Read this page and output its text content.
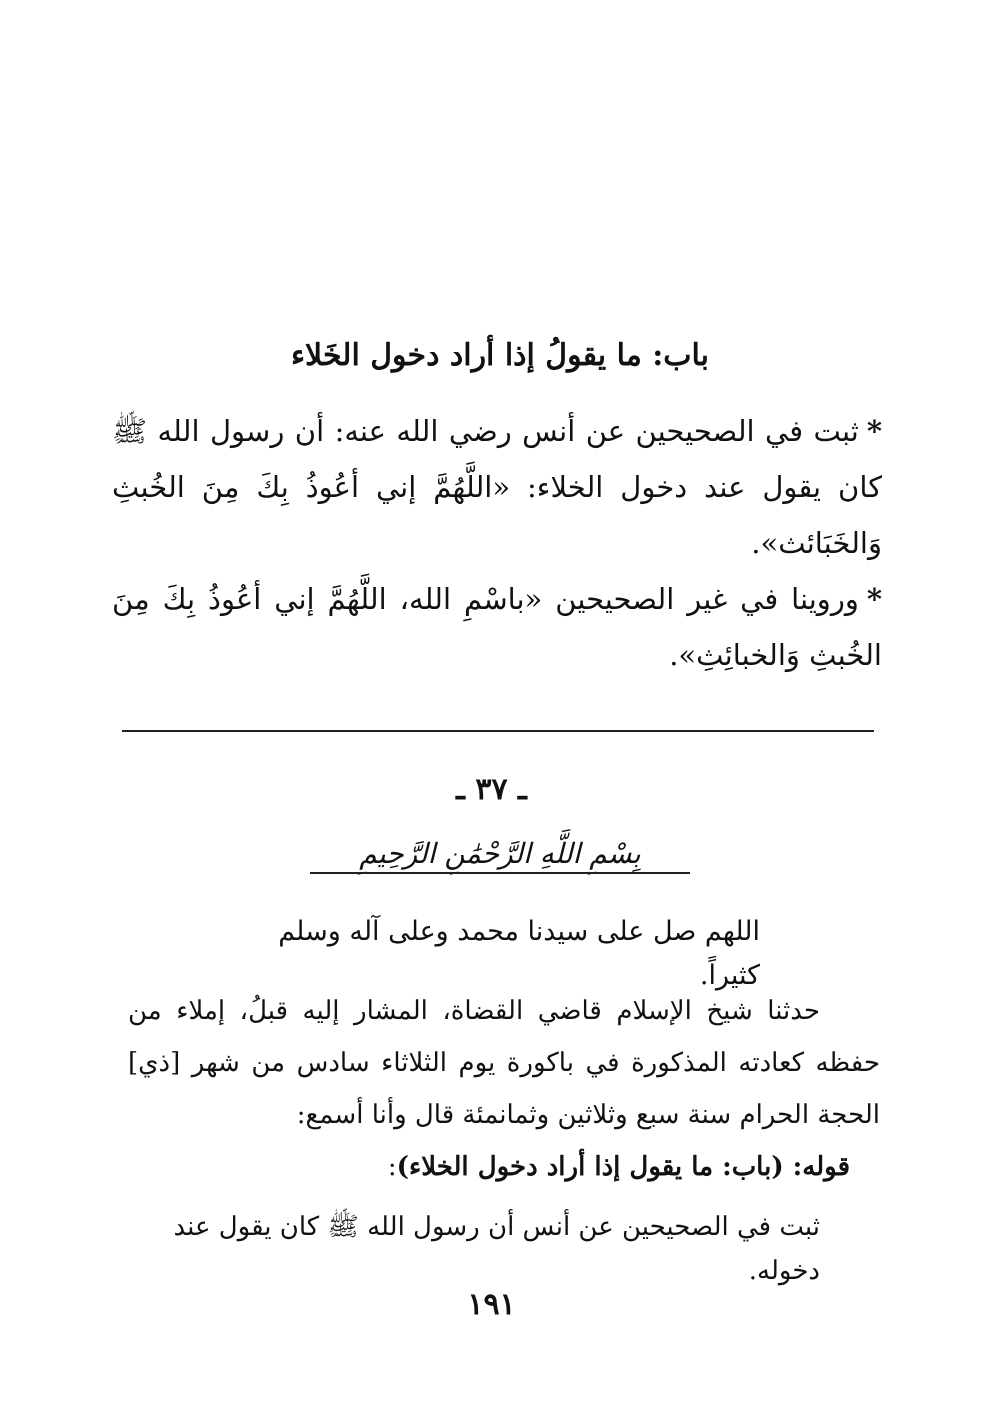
باب: ما يقولُ إذا أراد دخول الخَلاء
*ثبت في الصحيحين عن أنس رضي الله عنه: أن رسول الله ﷺ كان يقول عند دخول الخلاء: «اللَّهُمَّ إني أعُوذُ بِكَ مِنَ الخُبثِ وَالخَبَائث».
*وروينا في غير الصحيحين «باسْمِ الله، اللَّهُمَّ إني أعُوذُ بِكَ مِنَ الخُبثِ وَالخبائِثِ».
ـ ٣٧ ـ
بِسْمِ اللَّهِ الرَّحْمَٰنِ الرَّحِيمِ
اللهم صل على سيدنا محمد وعلى آله وسلم كثيراً.
حدثنا شيخ الإسلام قاضي القضاة، المشار إليه قبلُ، إملاء من حفظه كعادته المذكورة في باكورة يوم الثلاثاء سادس من شهر [ذي] الحجة الحرام سنة سبع وثلاثين وثمانمئة قال وأنا أسمع:
قوله: (باب: ما يقول إذا أراد دخول الخلاء):
ثبت في الصحيحين عن أنس أن رسول الله ﷺ كان يقول عند دخوله.
١٩١
